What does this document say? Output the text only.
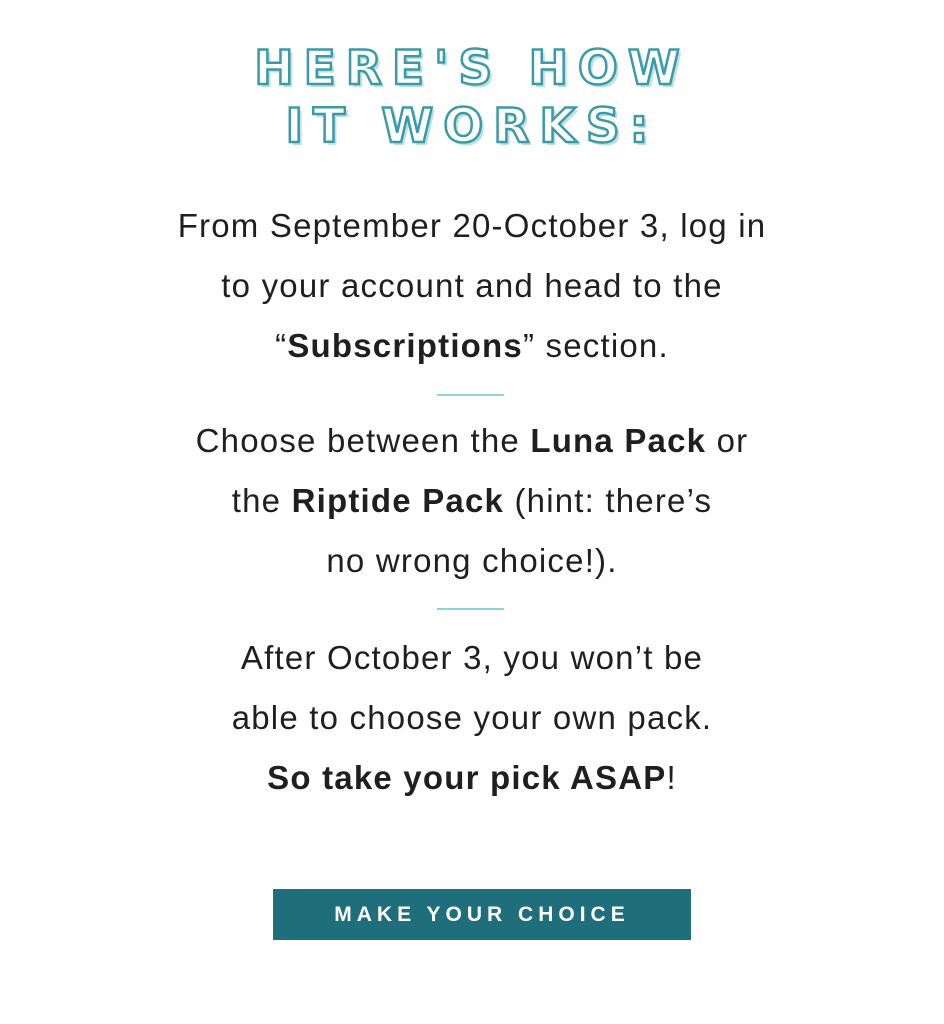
HERE'S HOW
IT WORKS:
From September 20-October 3, log in
to your account and head to the
“Subscriptions” section.
Choose between the Luna Pack or
the Riptide Pack (hint: there’s
no wrong choice!).
After October 3, you won’t be
able to choose your own pack.
So take your pick ASAP!
MAKE YOUR CHOICE
